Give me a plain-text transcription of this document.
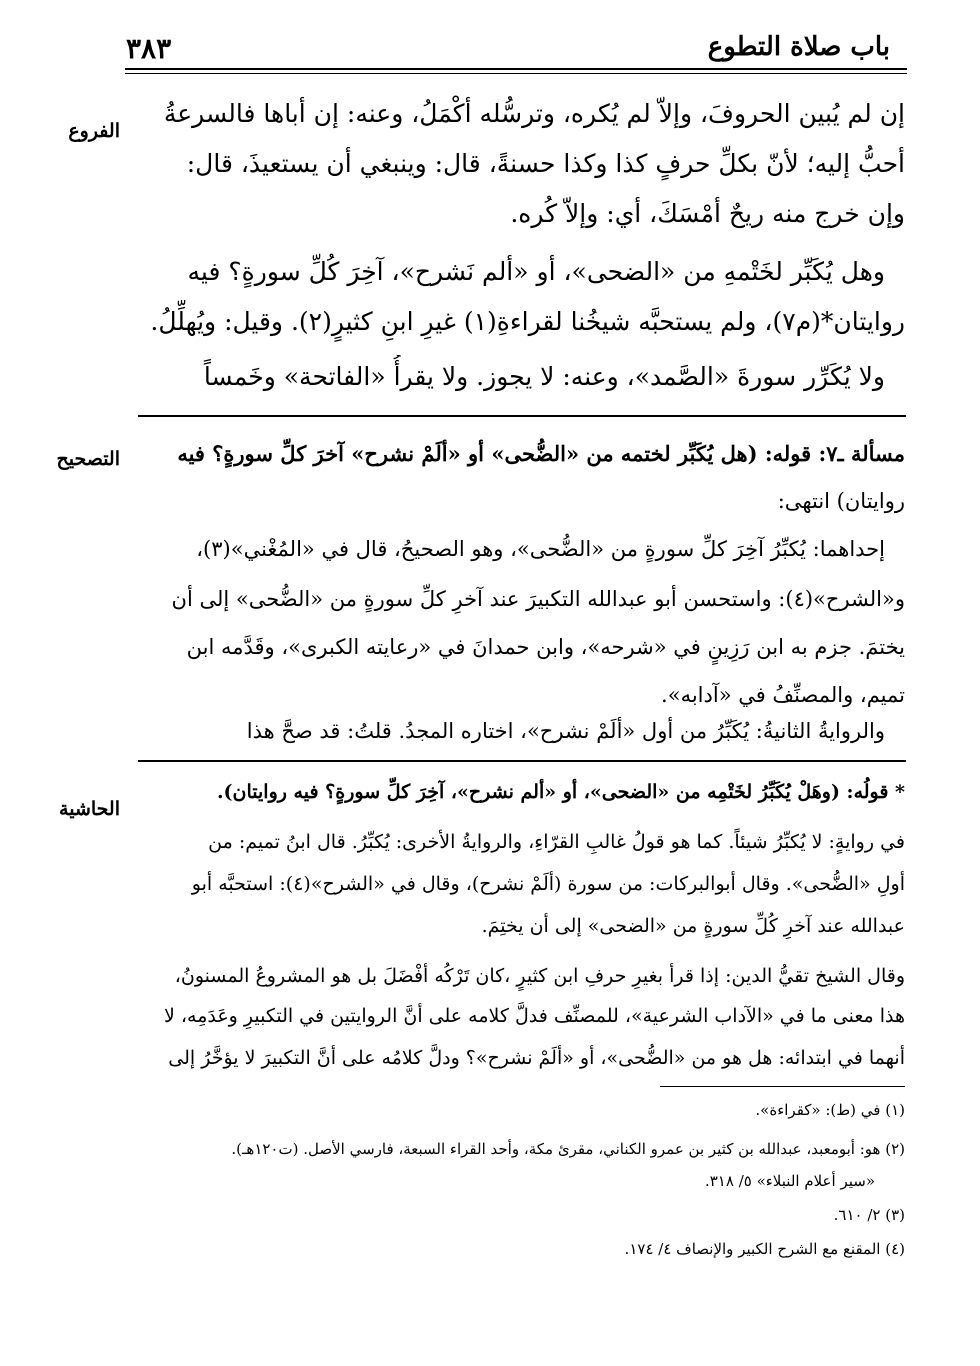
٣٨٣	باب صلاة التطوع
الفروع
التصحيح
الحاشية
إن لم يُبين الحروفَ، وإلاّ لم يُكره، وترسُّله أكْمَلُ، وعنه: إن أباها فالسرعةُ
أحبُّ إليه؛ لأنّ بكلِّ حرفٍ كذا وكذا حسنةً، قال: وينبغي أن يستعيذَ، قال:
وإن خرج منه ريحٌ أمْسَكَ، أي: وإلاّ كُره.
وهل يُكَبِّر لخَتْمهِ من «الضحى»، أو «ألم نَشرح»، آخِرَ كُلِّ سورةٍ؟ فيه
روايتان*(م٧)، ولم يستحبَّه شيخُنا لقراءةِ(١) غيرِ ابنِ كثيرٍ(٢). وقيل: ويُهلِّلُ.
ولا يُكَرِّر سورةَ «الصَّمد»، وعنه: لا يجوز. ولا يقرأُ «الفاتحة» وخَمساً
مسألة ـ٧: قوله: (هل يُكَبِّر لختمه من «الضُّحى» أو «ألَمْ نشرح» آخرَ كلِّ سورةٍ؟ فيه
روايتان) انتهى:
إحداهما: يُكبِّرُ آخِرَ كلِّ سورةٍ من «الضُّحى»، وهو الصحيحُ، قال في «المُغْني»(٣)،
و«الشرح»(٤): واستحسن أبو عبدالله التكبيرَ عند آخرِ كلِّ سورةٍ من «الضُّحى» إلى أن
يختمَ. جزم به ابن رَزِينٍ في «شرحه»، وابن حمدانَ في «رعايته الكبرى»، وقَدَّمه ابن
تميم، والمصنِّفُ في «آدابه».
والروايةُ الثانيةُ: يُكَبِّرُ من أول «ألَمْ نشرح»، اختاره المجدُ. قلتُ: قد صحَّ هذا
* قولُه: (وهَلْ يُكَبِّرُ لخَتْمِه من «الضحى»، أو «ألم نشرح»، آخِرَ كلِّ سورةٍ؟ فيه روايتان).
في روايةٍ: لا يُكبِّرُ شيئاً. كما هو قولُ غالبِ القرّاءِ، والروايةُ الأخرى: يُكبِّرُ. قال ابنُ تميم: من
أولِ «الضُّحى». وقال أبوالبركات: من سورة (ألَمْ نشرح)، وقال في «الشرح»(٤): استحبَّه أبو
عبدالله عند آخرِ كُلِّ سورةٍ من «الضحى» إلى أن يختِمَ.
وقال الشيخ تقيُّ الدين: إذا قرأ بغيرِ حرفِ ابن كثيرٍ ،كان تَرْكُه أفْضَلَ بل هو المشروعُ المسنونُ،
هذا معنى ما في «الآداب الشرعية»، للمصنِّف فدلَّ كلامه على أنَّ الروايتين في التكبيرِ وعَدَمِه، لا
أنهما في ابتدائه: هل هو من «الضُّحى»، أو «ألَمْ نشرح»؟ ودلَّ كلامُه على أنَّ التكبيرَ لا يؤخَّرُ إلى
(١) في (ط): «كقراءة».
(٢) هو: أبومعبد، عبدالله بن كثير بن عمرو الكناني، مقرئ مكة، وأحد القراء السبعة، فارسي الأصل. (ت١٢٠هـ).
«سير أعلام النبلاء» ٥/ ٣١٨.
(٣) ٢/ ٦١٠.
(٤) المقنع مع الشرح الكبير والإنصاف ٤/ ١٧٤.
